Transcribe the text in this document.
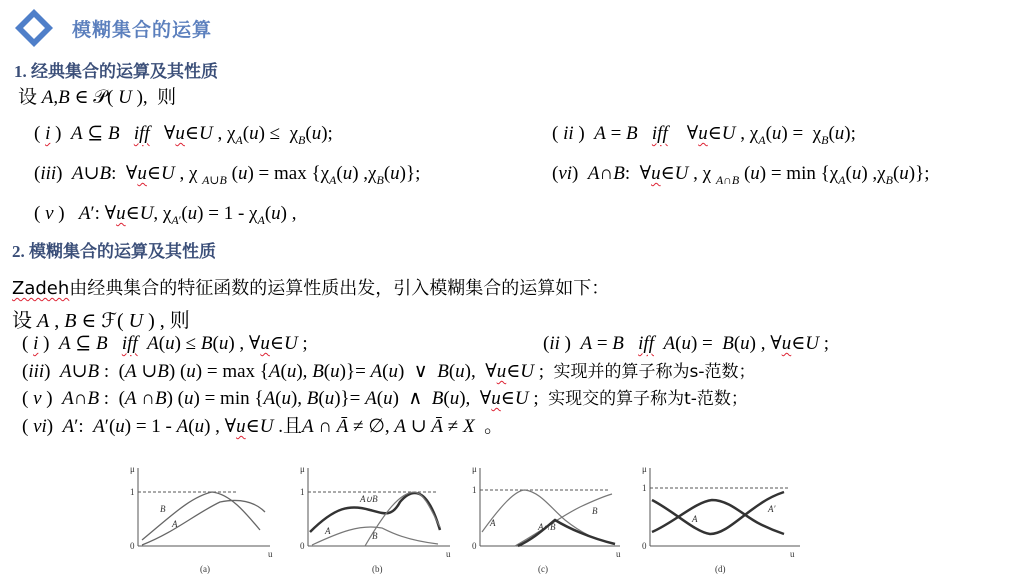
模糊集合的运算
1. 经典集合的运算及其性质
设 A,B ∈ 𝒫( U ),  则
( i )  A ⊆ B iff   ∀u∈U , $\chi_A(u) \le \chi_B(u)$;	( ii )  A = B iff    ∀u∈U , $\chi_A(u) = \chi_B(u)$;
(iii)  A∪B:  ∀u∈U , χ $_{A\cup B}$ $(u) = \max \{\chi_A(u)$ $,\chi_B(u)$};	(vi)  A∩B:  ∀u∈U , χ $_{A\cap B}$ $(u) = \min \{\chi_A(u)$ $,\chi_B(u)$};
( v )   A′: ∀u∈U, $\chi_{A'}(u) = 1 - \chi_A(u)$ ,
2. 模糊集合的运算及其性质
Zadeh由经典集合的特征函数的运算性质出发，引入模糊集合的运算如下：
设 A , B ∈ ℱ( U ) , 则
( i )  A ⊆ B iff A(u) ≤ B(u) , ∀u∈U ;	(ii )  A = B iff A(u) =  B(u) , ∀u∈U ;
(iii)  A∪B :  (A ∪B) (u) = max {A(u), B(u)}= A(u)  ∨  B(u),  ∀u∈U ;  实现并的算子称为s-范数；
( v )  A∩B :  (A ∩B) (u) = min {A(u), B(u)}= A(u)  ∧  B(u),  ∀u∈U ;  实现交的算子称为t-范数；
( vi)  A′:  A′(u) = 1 - A(u) , ∀u∈U .且A ∩ Ā ≠ ∅, A ∪ Ā ≠ X  。
μ
1
0
u
B
A
(a)
μ
1
0
u
A∪B
A	B
(b)
μ
1
0
u
A	A∩B
B
(c)
μ
1
0
u
A
A′
(d)
